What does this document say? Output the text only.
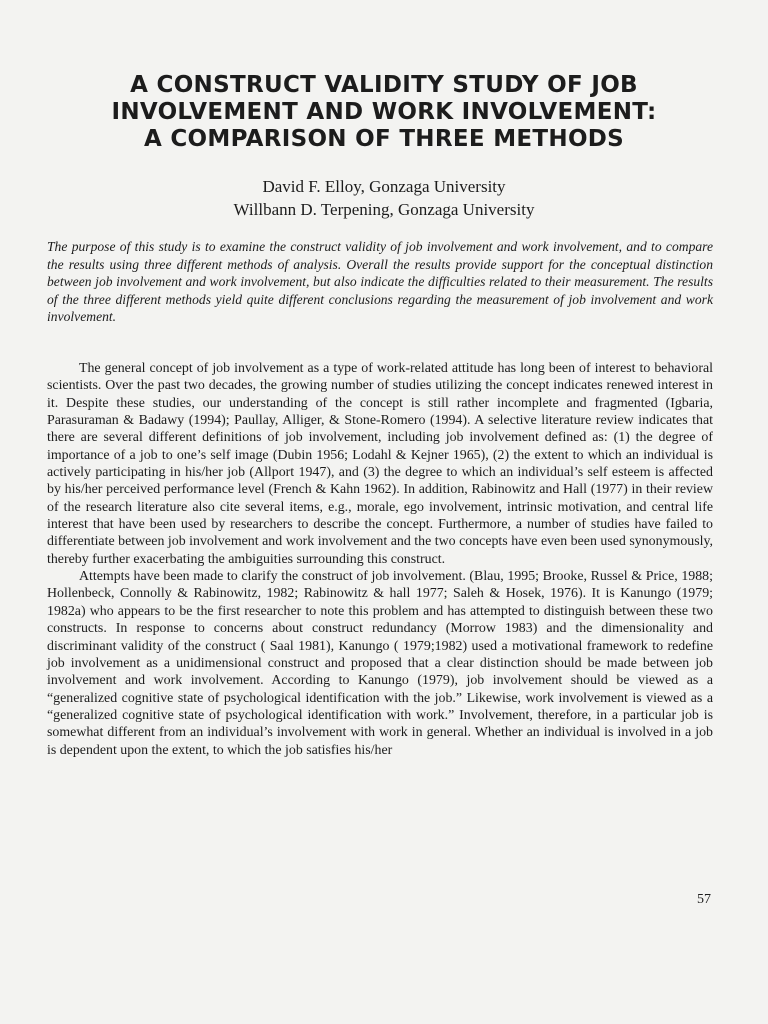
A CONSTRUCT VALIDITY STUDY OF JOB
INVOLVEMENT AND WORK INVOLVEMENT:
A COMPARISON OF THREE METHODS
David F. Elloy, Gonzaga University
Willbann D. Terpening, Gonzaga University
The purpose of this study is to examine the construct validity of job involvement and work involvement, and to compare the results using three different methods of analysis. Overall the results provide support for the conceptual distinction between job involvement and work involvement, but also indicate the difficulties related to their measurement. The results of the three different methods yield quite different conclusions regarding the measurement of job involvement and work involvement.

The general concept of job involvement as a type of work-related attitude has long been of interest to behavioral scientists. Over the past two decades, the growing number of studies utilizing the concept indicates renewed interest in it. Despite these studies, our understanding of the concept is still rather incomplete and fragmented (Igbaria, Parasuraman & Badawy (1994); Paullay, Alliger, & Stone-Romero (1994). A selective literature review indicates that there are several different definitions of job involvement, including job involvement defined as: (1) the degree of importance of a job to one’s self image (Dubin 1956; Lodahl & Kejner 1965), (2) the extent to which an individual is actively participating in his/her job (Allport 1947), and (3) the degree to which an individual’s self esteem is affected by his/her perceived performance level (French & Kahn 1962). In addition, Rabinowitz and Hall (1977) in their review of the research literature also cite several items, e.g., morale, ego involvement, intrinsic motivation, and central life interest that have been used by researchers to describe the concept. Furthermore, a number of studies have failed to differentiate between job involvement and work involvement and the two concepts have even been used synonymously, thereby further exacerbating the ambiguities surrounding this construct.

Attempts have been made to clarify the construct of job involvement. (Blau, 1995; Brooke, Russel & Price, 1988; Hollenbeck, Connolly & Rabinowitz, 1982; Rabinowitz & hall 1977; Saleh & Hosek, 1976). It is Kanungo (1979; 1982a) who appears to be the first researcher to note this problem and has attempted to distinguish between these two constructs. In response to concerns about construct redundancy (Morrow 1983) and the dimensionality and discriminant validity of the construct ( Saal 1981), Kanungo ( 1979;1982) used a motivational framework to redefine job involvement as a unidimensional construct and proposed that a clear distinction should be made between job involvement and work involvement. According to Kanungo (1979), job involvement should be viewed as a “generalized cognitive state of psychological identification with the job.” Likewise, work involvement is viewed as a “generalized cognitive state of psychological identification with work.” Involvement, therefore, in a particular job is somewhat different from an individual’s involvement with work in general. Whether an individual is involved in a job is dependent upon the extent, to which the job satisfies his/her

57
